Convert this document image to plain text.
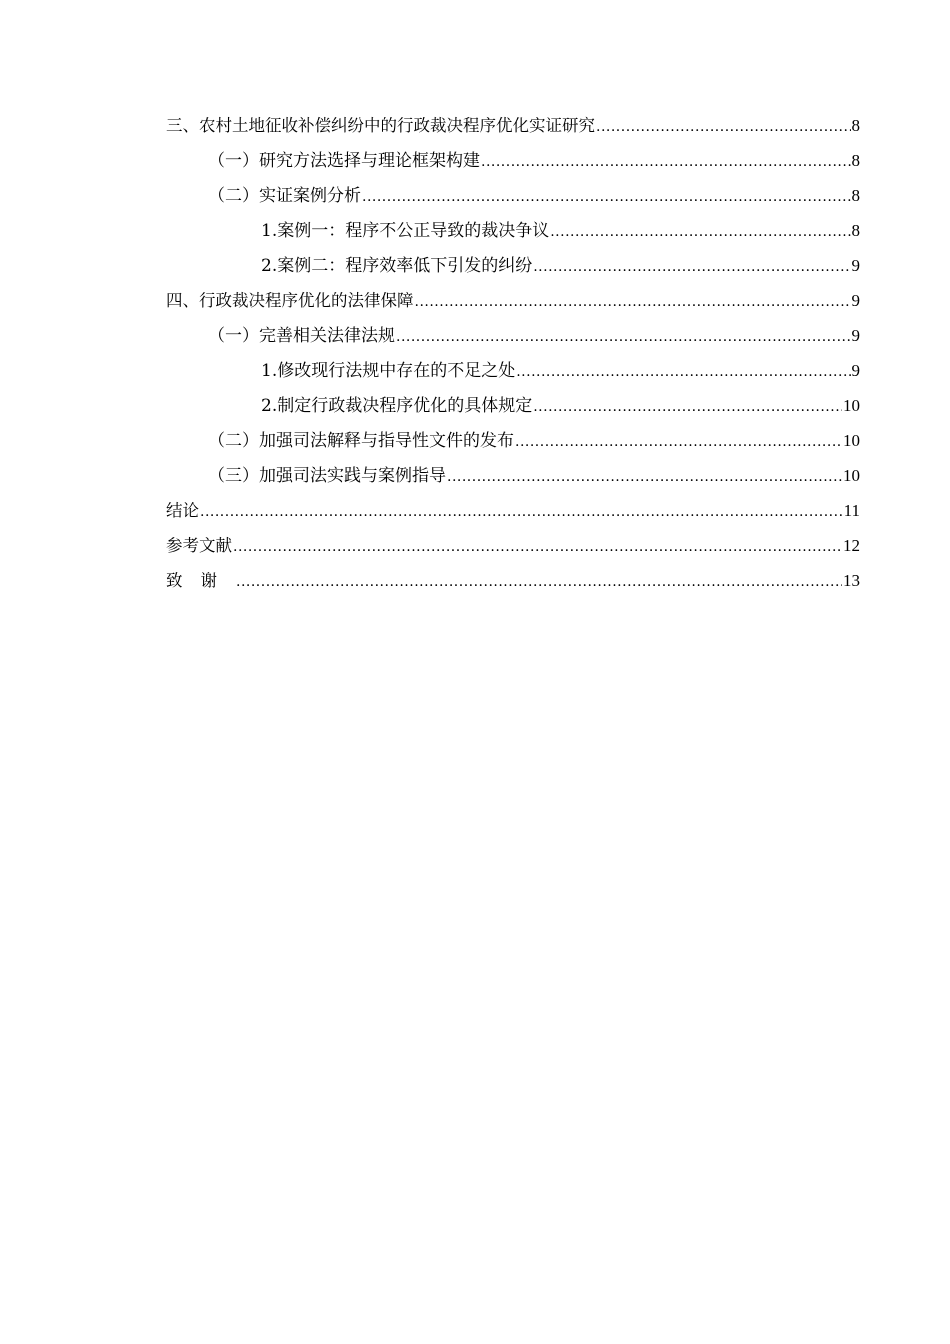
三、农村土地征收补偿纠纷中的行政裁决程序优化实证研究 .....	8
（一）研究方法选择与理论框架构建 .....	8
（二）实证案例分析 .....	8
1.案例一：程序不公正导致的裁决争议 .....	8
2.案例二：程序效率低下引发的纠纷 .....	9
四、行政裁决程序优化的法律保障 .....	9
（一）完善相关法律法规 .....	9
1.修改现行法规中存在的不足之处 .....	9
2.制定行政裁决程序优化的具体规定 .....	10
（二）加强司法解释与指导性文件的发布 .....	10
（三）加强司法实践与案例指导 .....	10
结论 .....	11
参考文献 .....	12
致谢 .....	13
